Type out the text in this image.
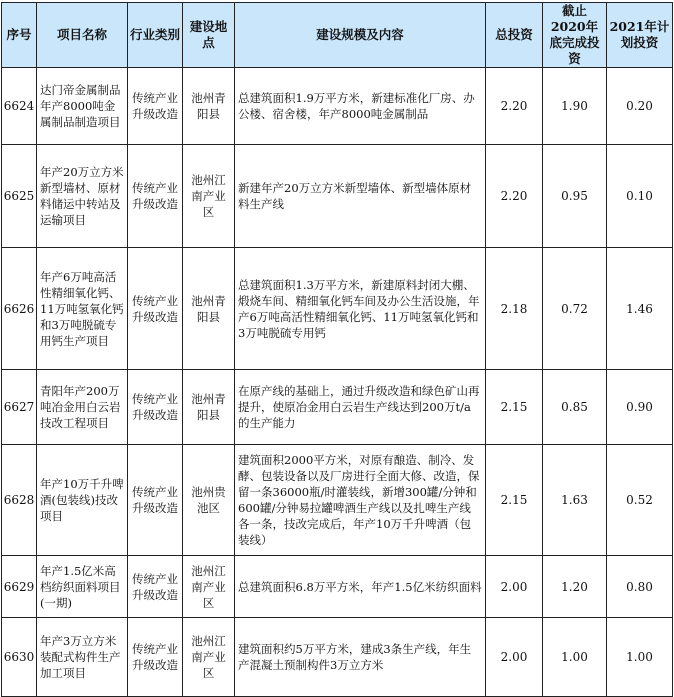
序号	项目名称	行业类别	建设地点	建设规模及内容	总投资	截止2020年底完成投资	2021年计划投资
6624	达门帝金属制品年产8000吨金属制品制造项目	传统产业升级改造	池州青阳县	总建筑面积1.9万平方米，新建标准化厂房、办公楼、宿舍楼，年产8000吨金属制品	2.20	1.90	0.20
6625	年产20万立方米新型墙材、原材料储运中转站及运输项目	传统产业升级改造	池州江南产业区	新建年产20万立方米新型墙体、新型墙体原材料生产线	2.20	0.95	0.10
6626	年产6万吨高活性精细氧化钙、11万吨氢氧化钙和3万吨脱硫专用钙生产项目	传统产业升级改造	池州青阳县	总建筑面积1.3万平方米，新建原料封闭大棚、煅烧车间、精细氧化钙车间及办公生活设施，年产6万吨高活性精细氧化钙、11万吨氢氧化钙和3万吨脱硫专用钙	2.18	0.72	1.46
6627	青阳年产200万吨冶金用白云岩技改工程项目	传统产业升级改造	池州青阳县	在原产线的基础上，通过升级改造和绿色矿山再提升，使原冶金用白云岩生产线达到200万t/a的生产能力	2.15	0.85	0.90
6628	年产10万千升啤酒(包装线)技改项目	传统产业升级改造	池州贵池区	建筑面积2000平方米，对原有酿造、制冷、发酵、包装设备以及厂房进行全面大修、改造，保留一条36000瓶/时灌装线，新增300罐/分钟和600罐/分钟易拉罐啤酒生产线以及扎啤生产线各一条，技改完成后，年产10万千升啤酒（包装线）	2.15	1.63	0.52
6629	年产1.5亿米高档纺织面料项目(一期)	传统产业升级改造	池州江南产业区	总建筑面积6.8万平方米，年产1.5亿米纺织面料	2.00	1.20	0.80
6630	年产3万立方米装配式构件生产加工项目	传统产业升级改造	池州江南产业区	建筑面积约5万平方米，建成3条生产线，年生产混凝土预制构件3万立方米	2.00	1.00	1.00
